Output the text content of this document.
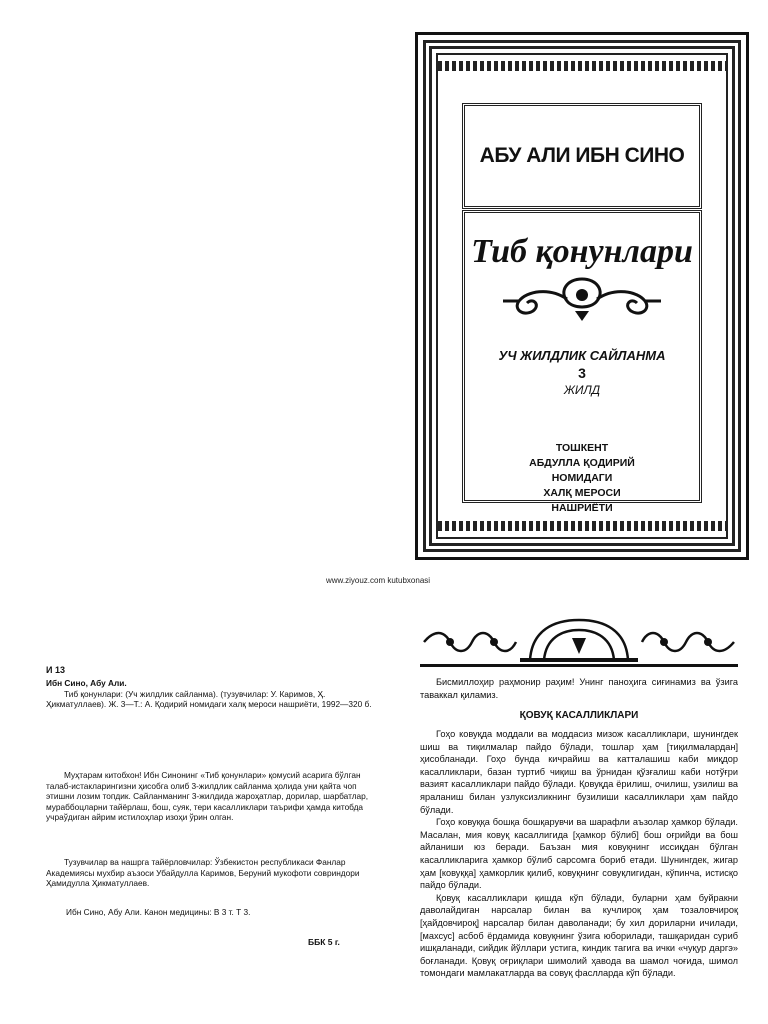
АБУ АЛИ ИБН СИНО
Тиб қонунлари
УЧ ЖИЛДЛИК САЙЛАНМА
3
ЖИЛД
ТОШКЕНТ
АБДУЛЛА ҚОДИРИЙ
НОМИДАГИ
ХАЛҚ МЕРОСИ
НАШРИЁТИ
www.ziyouz.com kutubxonasi
И 13

Ибн Сино, Абу Али.

Тиб қонунлари: (Уч жилдлик сайланма). (тузувчилар: У. Каримов, Ҳ. Ҳикматуллаев). Ж. 3—Т.: А. Қодирий номидаги халқ мероси нашриёти, 1992—320 б.

Муҳтарам китобхон! Ибн Синонинг «Тиб қонунлари» қомусий асарига бўлган талаб-истакларингизни ҳисобга олиб 3-жилдлик сайланма ҳолида уни қайта чоп этишни лозим топдик. Сайланманинг 3-жилдида жароҳатлар, дорилар, шарбатлар, мураббоцларни тайёрлаш, бош, суяк, тери касалликлари таърифи ҳамда китобда учраўдиган айрим истилоҳлар изоҳи ўрин олган.
Тузувчилар ва нашрга тайёрловчилар: Ўзбекистон республикаси Фанлар Академиясы мухбир аъзоси Убайдулла Каримов, Беруний мукофоти совриндори Ҳамидулла Ҳикматуллаев.
Ибн Сино, Абу Али. Канон медицины: В 3 т. Т 3.
ББК 5 г.

Бисмиллоҳир раҳмонир раҳим! Унинг паноҳига сиғинамиз ва ўзига таваккал қиламиз.

ҚОВУҚ КАСАЛЛИКЛАРИ

Гоҳо ковуқда моддали ва моддасиз мизож касалликлари, шунингдек шиш ва тиқилмалар пайдо бўлади, тошлар ҳам [тиқилмалардан] ҳисобланади. Гоҳо бунда кичрайиш ва катталашиш каби миқдор касалликлари, базан туртиб чиқиш ва ўрнидан қўзғалиш каби нотўғри вазият касалликлари пайдо бўлади. Қовуқда ёрилиш, очилиш, узилиш ва яраланиш билан узлуксизликнинг бузилиши касалликлари ҳам пайдо бўлади.

Гоҳо ковуққа бошқа бошқарувчи ва шарафли аъзолар ҳамкор бўлади. Масалан, мия ковуқ касаллигида [ҳамкор бўлиб] бош оғрийди ва бош айланиши юз беради. Баъзан мия ковуқнинг иссиқдан бўлган касалликларига ҳамкор бўлиб сарсомга бориб етади. Шунингдек, жигар ҳам [ковуққа] ҳамкорлик қилиб, ковуқнинг совуқлигидан, кўпинча, истисқо пайдо бўлади.

Қовуқ касалликлари қишда кўп бўлади, буларни ҳам буйракни даволайдиган нарсалар билан ва кучлироқ ҳам тозаловчироқ [ҳайдовчироқ] нарсалар билан даволанади; бу хил дориларни ичилади, [махсус] асбоб ёрдамида ковуқнинг ўзига юборилади, ташқаридан суриб ишқаланади, сийдик йўллари устига, киндик тагига ва ички «чуқур даргэ» боғланади. Қовуқ оғриқлари шимолий ҳавода ва шамол чоғида, шимол томондаги мамлакатларда ва совуқ фаслларда кўп бўлади.
